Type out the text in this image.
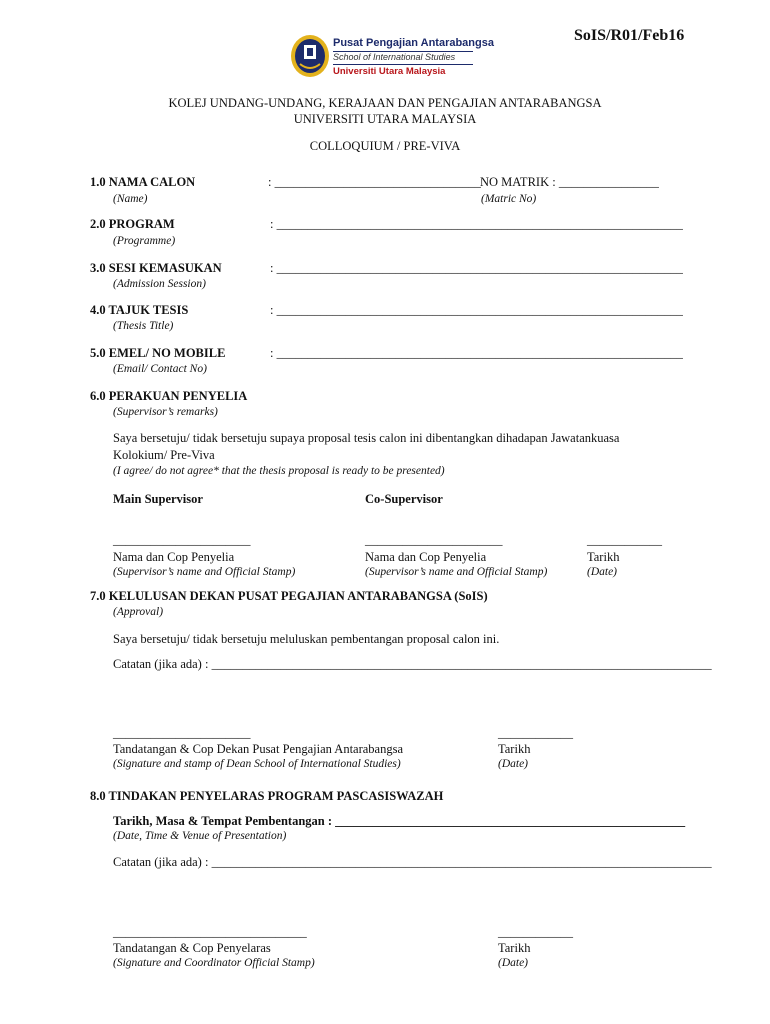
SoIS/R01/Feb16
Pusat Pengajian Antarabangsa
School of International Studies
Universiti Utara Malaysia
KOLEJ UNDANG-UNDANG, KERAJAAN DAN PENGAJIAN ANTARABANGSA
UNIVERSITI UTARA MALAYSIA
COLLOQUIUM / PRE-VIVA
1.0 NAMA CALON
(Name)
: _________________________________ NO MATRIK : ________________
(Matric No)
2.0 PROGRAM
(Programme)
: _________________________________________________________________
3.0 SESI KEMASUKAN
(Admission Session)
: _________________________________________________________________
4.0 TAJUK TESIS
(Thesis Title)
: _________________________________________________________________
5.0 EMEL/ NO MOBILE
(Email/ Contact No)
: _________________________________________________________________
6.0 PERAKUAN PENYELIA
(Supervisor’s remarks)
Saya bersetuju/ tidak bersetuju supaya proposal tesis calon ini dibentangkan dihadapan Jawatankuasa
Kolokium/ Pre-Viva
(I agree/ do not agree* that the thesis proposal is ready to be presented)
Main Supervisor	Co-Supervisor
______________________	______________________	____________
Nama dan Cop Penyelia	Nama dan Cop Penyelia	Tarikh
(Supervisor’s name and Official Stamp)	(Supervisor’s name and Official Stamp)	(Date)
7.0 KELULUSAN DEKAN PUSAT PEGAJIAN ANTARABANGSA (SoIS)
(Approval)
Saya bersetuju/ tidak bersetuju meluluskan pembentangan proposal calon ini.
Catatan (jika ada) : ________________________________________________________________________________
______________________	____________
Tandatangan & Cop Dekan Pusat Pengajian Antarabangsa	Tarikh
(Signature and stamp of Dean School of International Studies)	(Date)
8.0 TINDAKAN PENYELARAS PROGRAM PASCASISWAZAH
Tarikh, Masa & Tempat Pembentangan : ________________________________________________________
(Date, Time & Venue of Presentation)
Catatan (jika ada) : ________________________________________________________________________________
_______________________________	____________
Tandatangan & Cop Penyelaras	Tarikh
(Signature and Coordinator Official Stamp)	(Date)
